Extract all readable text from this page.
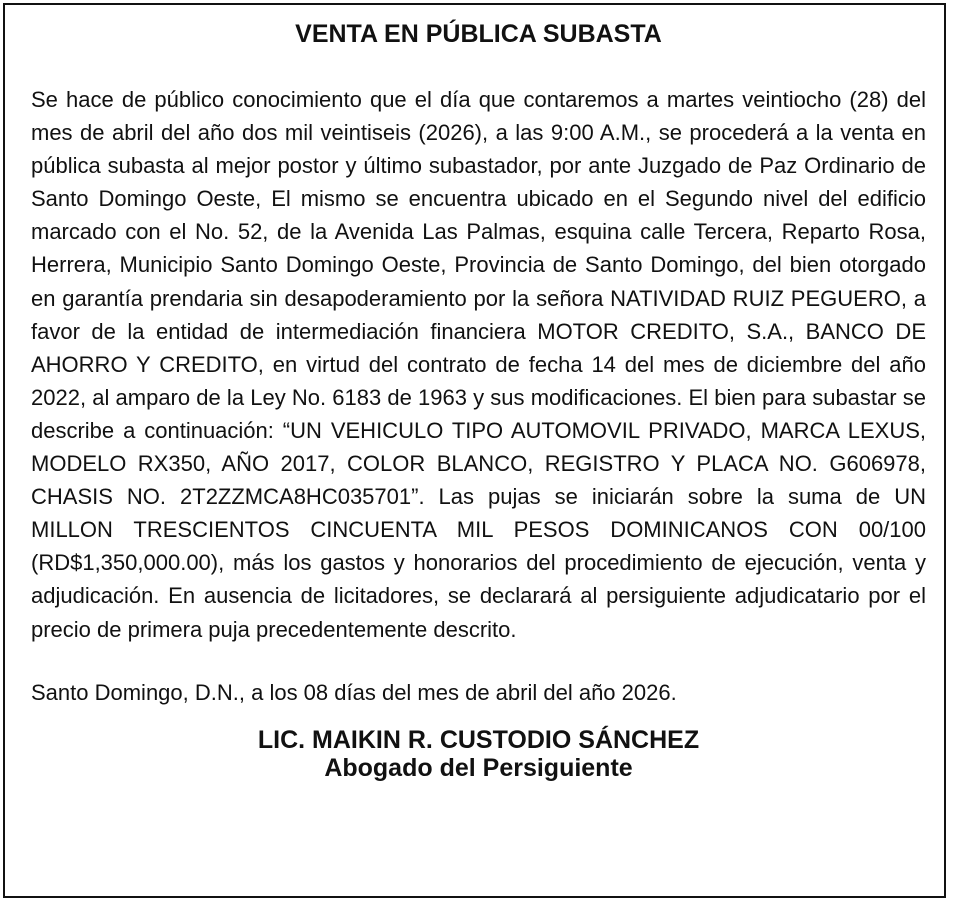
VENTA EN PÚBLICA SUBASTA

Se hace de público conocimiento que el día que contaremos a martes veintiocho (28) del mes de abril del año dos mil veintiseis (2026), a las 9:00 A.M., se procederá a la venta en pública subasta al mejor postor y último subastador, por ante Juzgado de Paz Ordinario de Santo Domingo Oeste, El mismo se encuentra ubicado en el Segundo nivel del edificio marcado con el No. 52, de la Avenida Las Palmas, esquina calle Tercera, Reparto Rosa, Herrera, Municipio Santo Domingo Oeste, Provincia de Santo Domingo, del bien otorgado en garantía prendaria sin desapoderamiento por la señora NATIVIDAD RUIZ PEGUERO, a favor de la entidad de intermediación financiera MOTOR CREDITO, S.A., BANCO DE AHORRO Y CREDITO, en virtud del contrato de fecha 14 del mes de diciembre del año 2022, al amparo de la Ley No. 6183 de 1963 y sus modificaciones. El bien para subastar se describe a continuación: “UN VEHICULO TIPO AUTOMOVIL PRIVADO, MARCA LEXUS, MODELO RX350, AÑO 2017, COLOR BLANCO, REGISTRO Y PLACA NO. G606978, CHASIS NO. 2T2ZZMCA8HC035701”. Las pujas se iniciarán sobre la suma de UN MILLON TRESCIENTOS CINCUENTA MIL PESOS DOMINICANOS CON 00/100 (RD$1,350,000.00), más los gastos y honorarios del procedimiento de ejecución, venta y adjudicación. En ausencia de licitadores, se declarará al persiguiente adjudicatario por el precio de primera puja precedentemente descrito.

Santo Domingo, D.N., a los 08 días del mes de abril del año 2026.

LIC. MAIKIN R. CUSTODIO SÁNCHEZ
Abogado del Persiguiente
